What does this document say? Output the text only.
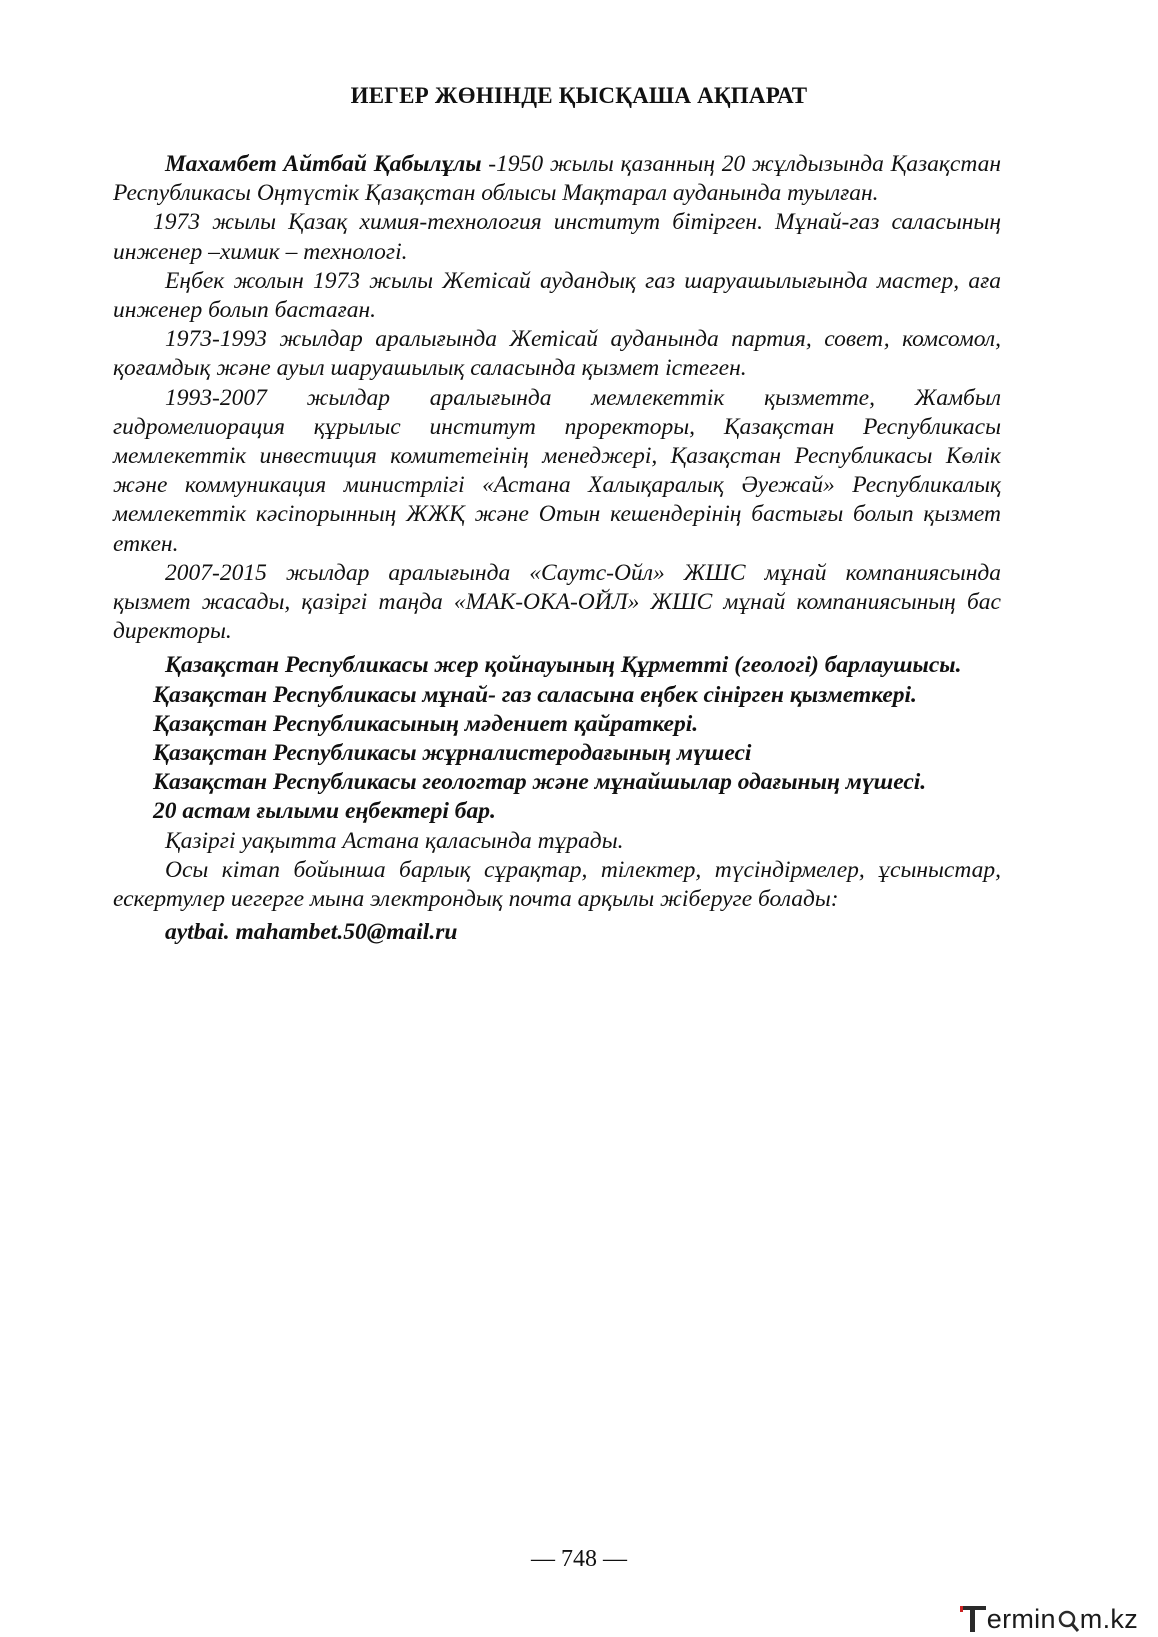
ИЕГЕР ЖӨНІНДЕ ҚЫСҚАША АҚПАРАТ

Махамбет Айтбай Қабылұлы -1950 жылы қазанның 20 жұлдызында Қазақстан Республикасы Оңтүстік Қазақстан облысы Мақтарал ауданында туылған.

1973 жылы Қазақ химия-технология институт бітірген. Мұнай-газ саласының инженер –химик – технологі.

Еңбек жолын 1973 жылы Жетісай аудандық газ шаруашылығында мастер, аға инженер болып бастаған.

1973-1993 жылдар аралығында Жетісай ауданында партия, совет, комсомол, қоғамдық және ауыл шаруашылық саласында қызмет істеген.

1993-2007 жылдар аралығында мемлекеттік қызметте, Жамбыл гидромелиорация құрылыс институт проректоры, Қазақстан Республикасы мемлекеттік инвестиция комитетеінің менеджері, Қазақстан Республикасы Көлік және коммуникация министрлігі «Астана Халықаралық Әуежай» Республикалық мемлекеттік кәсіпорынның ЖЖҚ және Отын кешендерінің бастығы болып қызмет еткен.

2007-2015 жылдар аралығында «Саутс-Ойл» ЖШС мұнай компаниясында қызмет жасады, қазіргі таңда «МАК-ОКА-ОЙЛ» ЖШС мұнай компаниясының бас директоры.

Қазақстан Республикасы жер қойнауының Құрметті (геологі) барлаушысы.

Қазақстан Республикасы мұнай- газ саласына еңбек сінірген қызметкері.

Қазақстан Республикасының мәдениет қайраткері.

Қазақстан Республикасы жұрналистеродағының мүшесі

Казақстан Республикасы геологтар және мұнайшылар одағының мүшесі.

20 астам ғылыми еңбектері бар.

Қазіргі уақытта Астана қаласында тұрады.

Осы кітап бойынша барлық сұрақтар, тілектер, түсіндірмелер, ұсыныстар, ескертулер иегерге мына электрондық почта арқылы жіберуге болады:

aytbai. mahambet.50@mail.ru

— 748 —
ermin m.kz
